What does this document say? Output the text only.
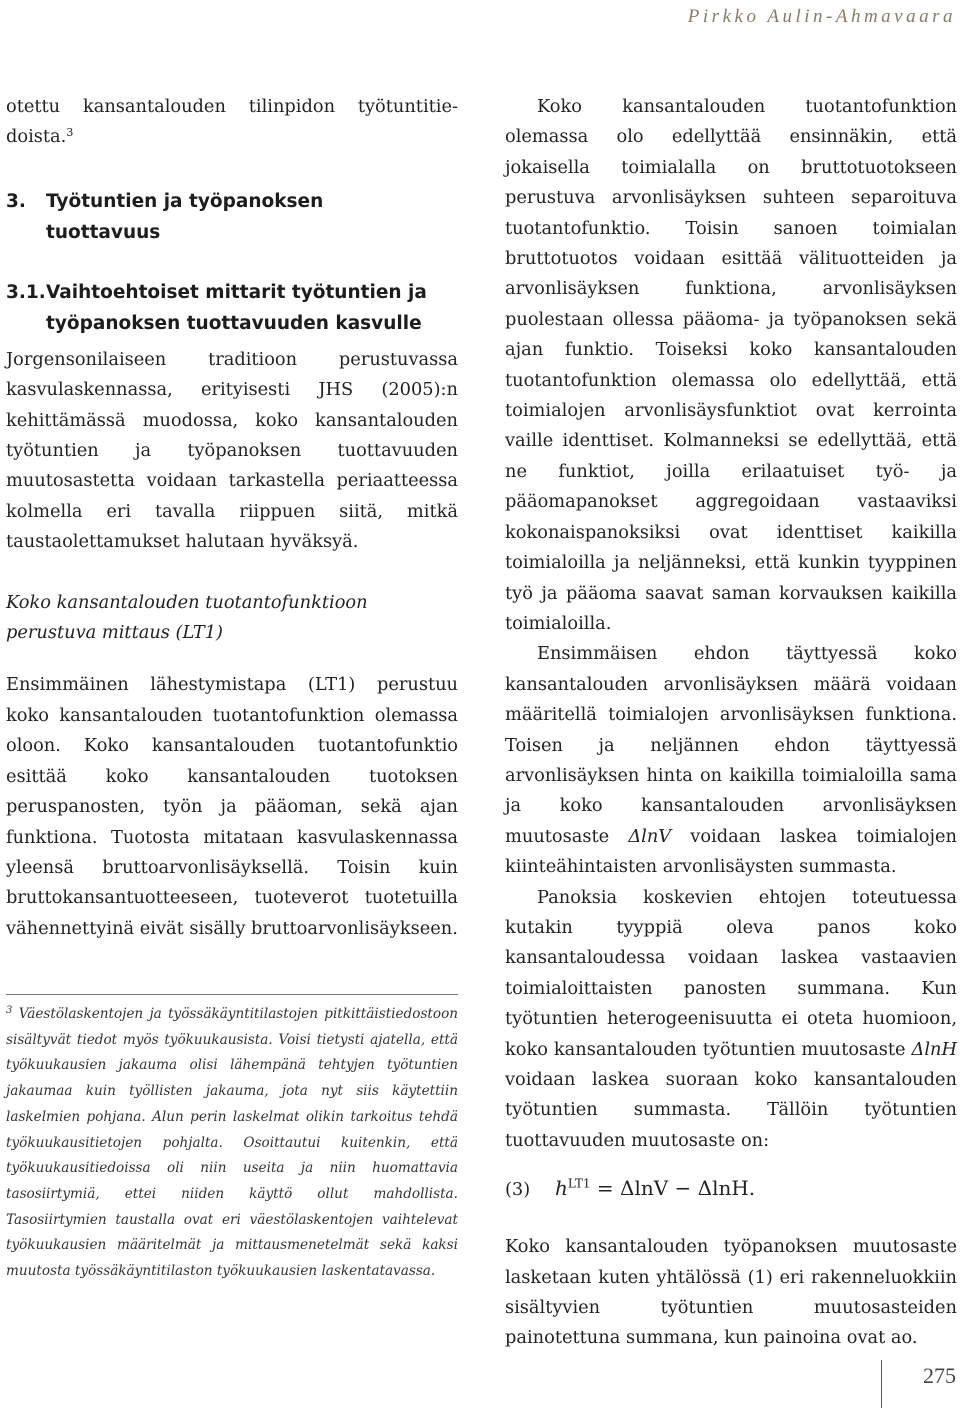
Pirkko Aulin-Ahmavaara
otettu kansantalouden tilinpidon työtuntitie-doista.$^3$
3. Työtuntien ja työpanoksen
tuottavuus
3.1.Vaihtoehtoiset mittarit työtuntien ja
työpanoksen tuottavuuden kasvulle

Jorgensonilaiseen traditioon perustuvassa kasvulaskennassa, erityisesti JHS (2005):n kehittämässä muodossa, koko kansantalouden työtuntien ja työpanoksen tuottavuuden muutosastetta voidaan tarkastella periaatteessa kolmella eri tavalla riippuen siitä, mitkä taustaolettamukset halutaan hyväksyä.

Koko kansantalouden tuotantofunktioon

perustuva mittaus (LT1)

Ensimmäinen lähestymistapa (LT1) perustuu koko kansantalouden tuotantofunktion olemassa oloon. Koko kansantalouden tuotantofunktio esittää koko kansantalouden tuotoksen peruspanosten, työn ja pääoman, sekä ajan funktiona. Tuotosta mitataan kasvulaskennassa yleensä bruttoarvonlisäyksellä. Toisin kuin bruttokansantuotteeseen, tuoteverot tuotetuilla vähennettyinä eivät sisälly bruttoarvonlisäykseen.

$^3$ Väestölaskentojen ja työssäkäyntitilastojen pitkittäistiedostoon sisältyvät tiedot myös työkuukausista. Voisi tietysti ajatella, että työkuukausien jakauma olisi lähempänä tehtyjen työtuntien jakaumaa kuin työllisten jakauma, jota nyt siis käytettiin laskelmien pohjana. Alun perin laskelmat olikin tarkoitus tehdä työkuukausitietojen pohjalta. Osoittautui kuitenkin, että työkuukausitiedoissa oli niin useita ja niin huomattavia tasosiirtymiä, ettei niiden käyttö ollut mahdollista. Tasosiirtymien taustalla ovat eri väestölaskentojen vaihtelevat työkuukausien määritelmät ja mittausmenetelmät sekä kaksi muutosta työssäkäyntitilaston työkuukausien laskentatavassa.

Koko kansantalouden tuotantofunktion olemassa olo edellyttää ensinnäkin, että jokaisella toimialalla on bruttotuotokseen perustuva arvonlisäyksen suhteen separoituva tuotantofunktio. Toisin sanoen toimialan bruttotuotos voidaan esittää välituotteiden ja arvonlisäyksen funktiona, arvonlisäyksen puolestaan ollessa pääoma- ja työpanoksen sekä ajan funktio. Toiseksi koko kansantalouden tuotantofunktion olemassa olo edellyttää, että toimialojen arvonlisäysfunktiot ovat kerrointa vaille identtiset. Kolmanneksi se edellyttää, että ne funktiot, joilla erilaatuiset työ- ja pääomapanokset aggregoidaan vastaaviksi kokonaispanoksiksi ovat identtiset kaikilla toimialoilla ja neljänneksi, että kunkin tyyppinen työ ja pääoma saavat saman korvauksen kaikilla toimialoilla.

Ensimmäisen ehdon täyttyessä koko kansantalouden arvonlisäyksen määrä voidaan määritellä toimialojen arvonlisäyksen funktiona. Toisen ja neljännen ehdon täyttyessä arvonlisäyksen hinta on kaikilla toimialoilla sama ja koko kansantalouden arvonlisäyksen muutosaste ΔlnV voidaan laskea toimialojen kiinteähintaisten arvonlisäysten summasta.

Panoksia koskevien ehtojen toteutuessa kutakin tyyppiä oleva panos koko kansantaloudessa voidaan laskea vastaavien toimialoittaisten panosten summana. Kun työtuntien heterogeenisuutta ei oteta huomioon, koko kansantalouden työtuntien muutosaste ΔlnH voidaan laskea suoraan koko kansantalouden työtuntien summasta. Tällöin työtuntien tuottavuuden muutosaste on:

(3)	$h^{LT1} = \Delta\ln V - \Delta\ln H$.

Koko kansantalouden työpanoksen muutosaste lasketaan kuten yhtälössä (1) eri rakenneluokkiin sisältyvien työtuntien muutosasteiden painotettuna summana, kun painoina ovat ao.

275
